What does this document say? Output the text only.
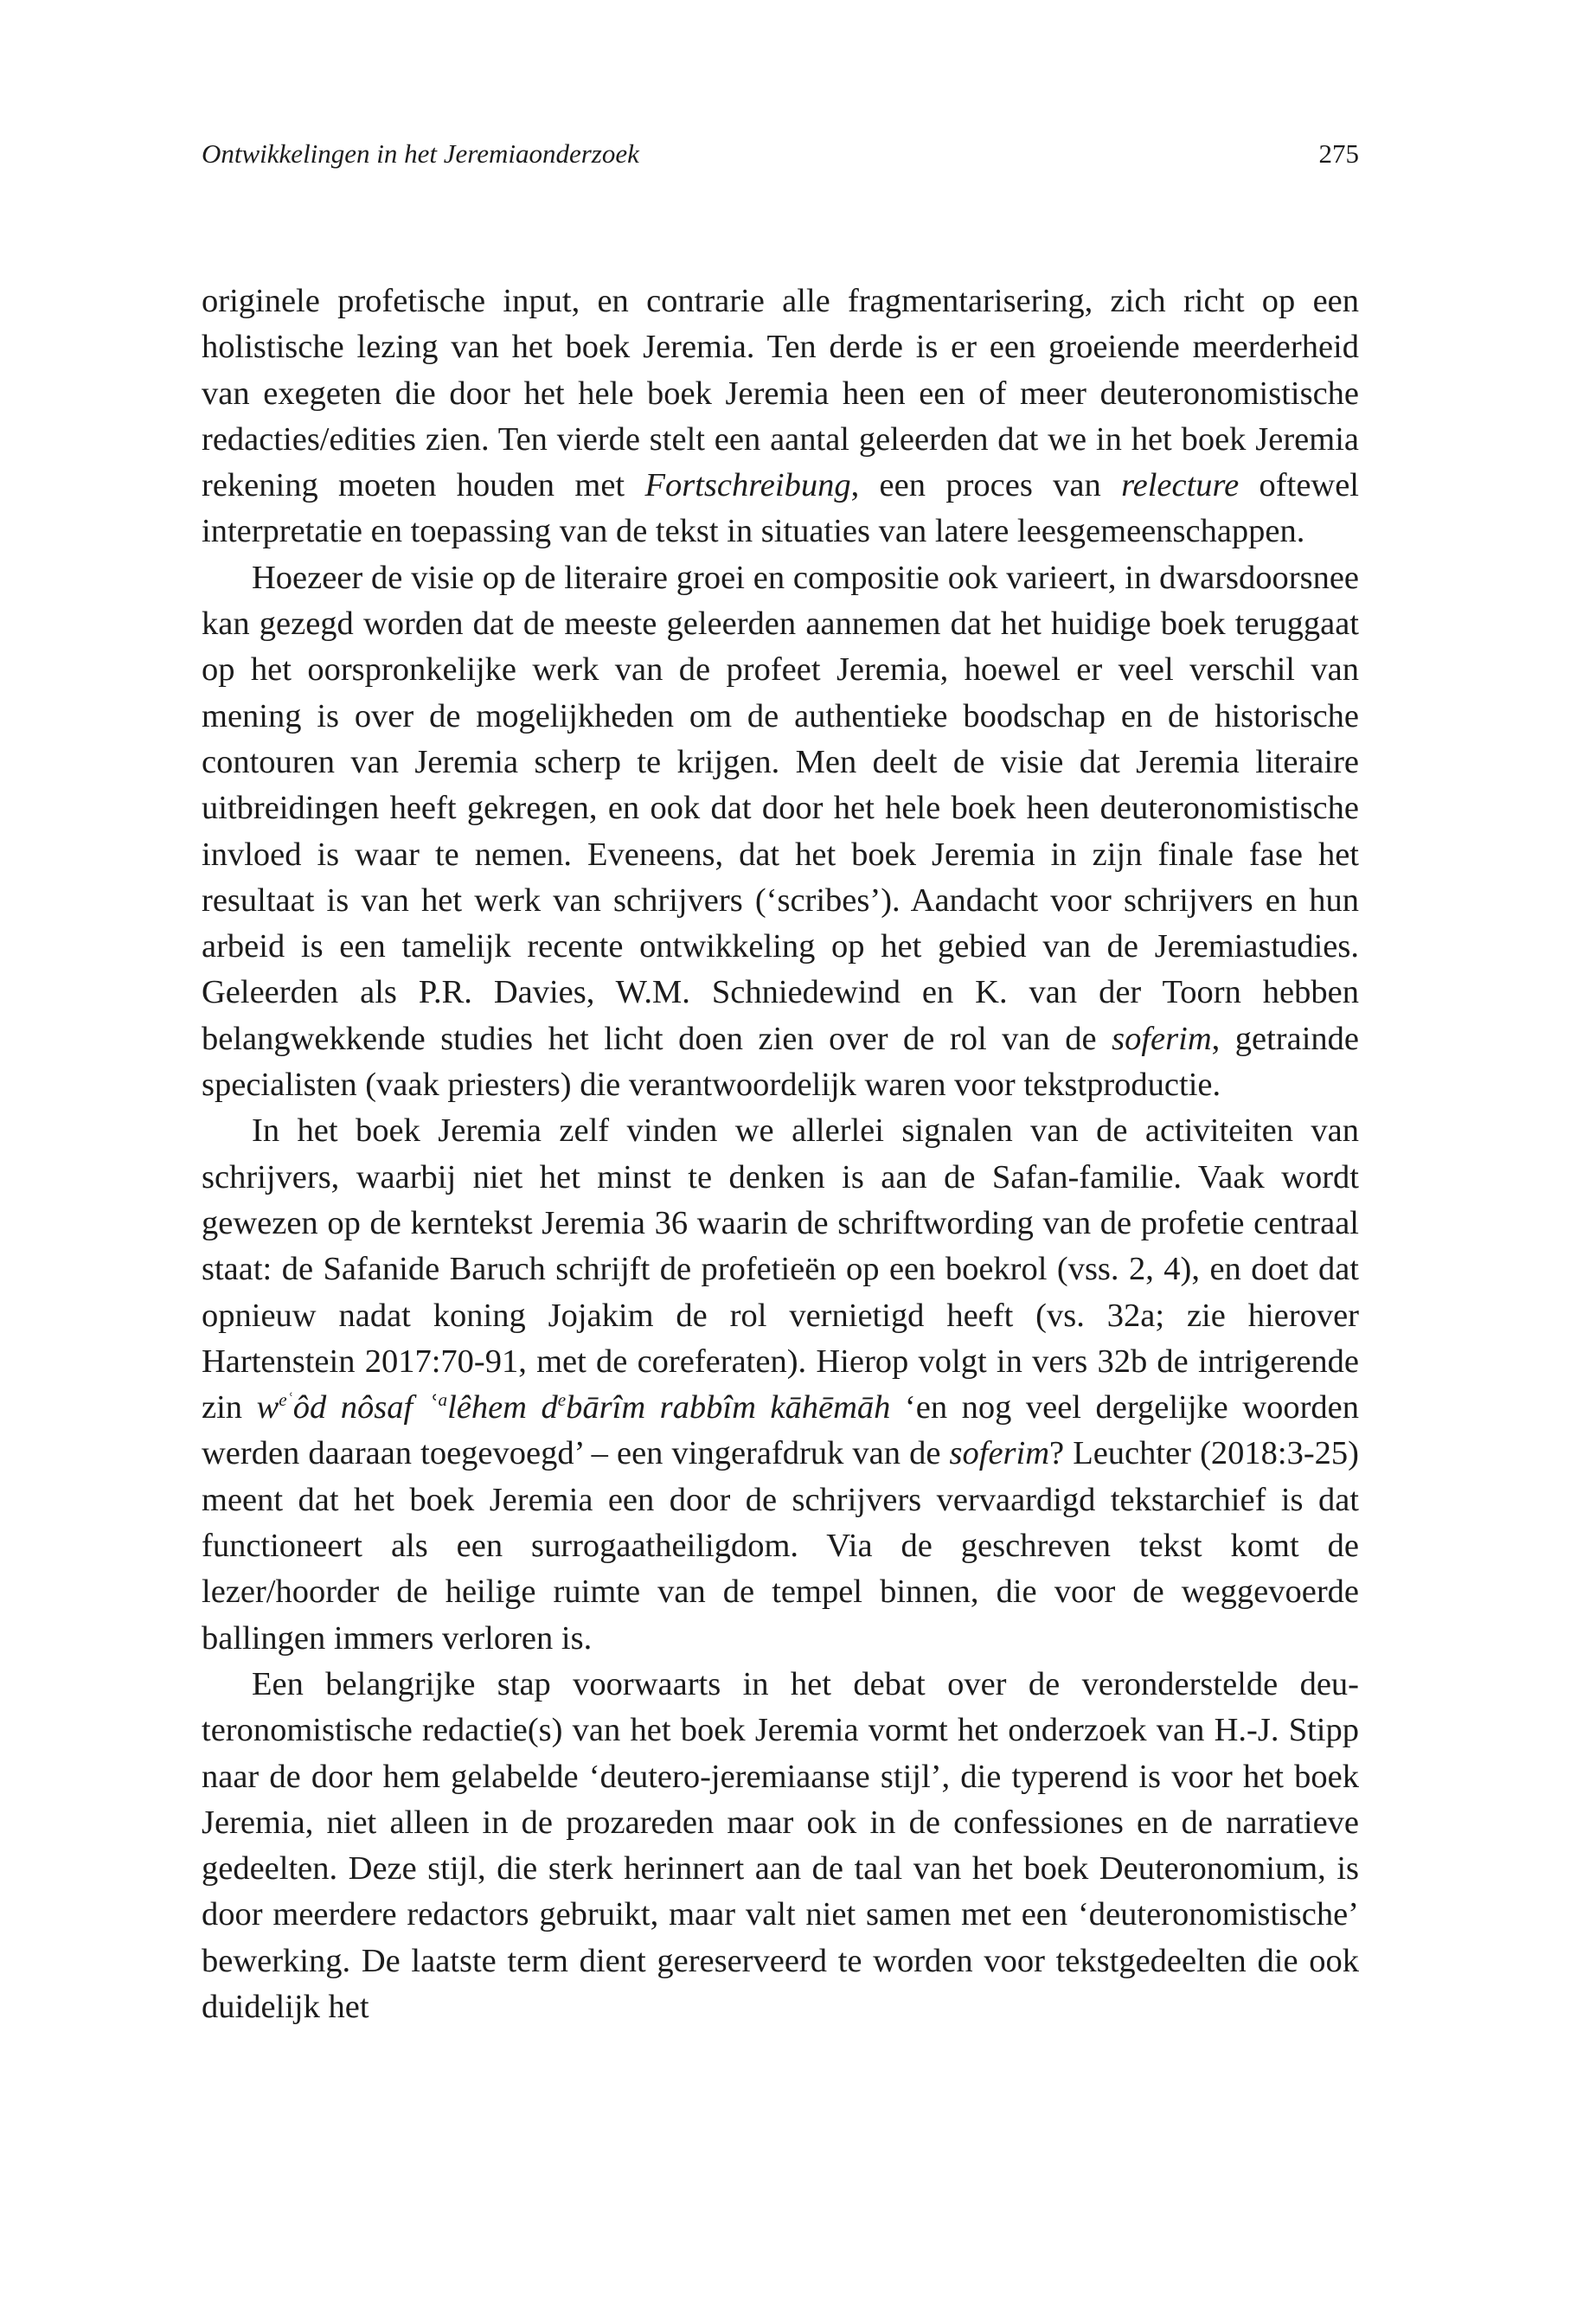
Ontwikkelingen in het Jeremiaonderzoek	275

originele profetische input, en contrarie alle fragmentarisering, zich richt op een holistische lezing van het boek Jeremia. Ten derde is er een groeiende meerderheid van exegeten die door het hele boek Jeremia heen een of meer deuteronomistische redacties/edities zien. Ten vierde stelt een aantal geleerden dat we in het boek Jeremia rekening moeten houden met Fortschreibung, een proces van relecture oftewel interpretatie en toepassing van de tekst in situaties van latere leesgemeenschappen.

Hoezeer de visie op de literaire groei en compositie ook varieert, in dwarsdoorsnee kan gezegd worden dat de meeste geleerden aannemen dat het huidige boek teruggaat op het oorspronkelijke werk van de profeet Jeremia, hoewel er veel verschil van mening is over de mogelijkheden om de authentieke boodschap en de historische contouren van Jeremia scherp te krijgen. Men deelt de visie dat Jeremia literaire uitbreidingen heeft gekregen, en ook dat door het hele boek heen deuteronomistische invloed is waar te nemen. Eveneens, dat het boek Jeremia in zijn finale fase het resultaat is van het werk van schrijvers (‘scribes’). Aandacht voor schrijvers en hun arbeid is een tamelijk recente ontwikkeling op het gebied van de Jeremiastudies. Geleerden als P.R. Davies, W.M. Schniedewind en K. van der Toorn hebben belangwekkende studies het licht doen zien over de rol van de soferim, getrainde specialisten (vaak priesters) die verantwoordelijk waren voor tekstproductie.

In het boek Jeremia zelf vinden we allerlei signalen van de activiteiten van schrijvers, waarbij niet het minst te denken is aan de Safan-familie. Vaak wordt gewezen op de kerntekst Jeremia 36 waarin de schriftwording van de profetie centraal staat: de Safanide Baruch schrijft de profetieën op een boekrol (vss. 2, 4), en doet dat opnieuw nadat koning Jojakim de rol vernietigd heeft (vs. 32a; zie hierover Hartenstein 2017:70-91, met de coreferaten). Hierop volgt in vers 32b de intrigerende zin $w^{eʿ}ôd$ nôsaf ʿ$^a$lêhem $d^ebārîm$ rabbîm kāhēmāh ‘en nog veel dergelijke woorden werden daaraan toegevoegd’ – een vingerafdruk van de soferim? Leuchter (2018:3-25) meent dat het boek Jeremia een door de schrijvers vervaardigd tekstarchief is dat functioneert als een surrogaatheiligdom. Via de geschreven tekst komt de lezer/hoorder de heilige ruimte van de tempel binnen, die voor de weggevoerde ballingen immers verloren is.

Een belangrijke stap voorwaarts in het debat over de veronderstelde deuteronomistische redactie(s) van het boek Jeremia vormt het onderzoek van H.-J. Stipp naar de door hem gelabelde ‘deutero-jeremiaanse stijl’, die typerend is voor het boek Jeremia, niet alleen in de prozareden maar ook in de confessiones en de narratieve gedeelten. Deze stijl, die sterk herinnert aan de taal van het boek Deuteronomium, is door meerdere redactors gebruikt, maar valt niet samen met een ‘deuteronomistische’ bewerking. De laatste term dient gereserveerd te worden voor tekstgedeelten die ook duidelijk het
